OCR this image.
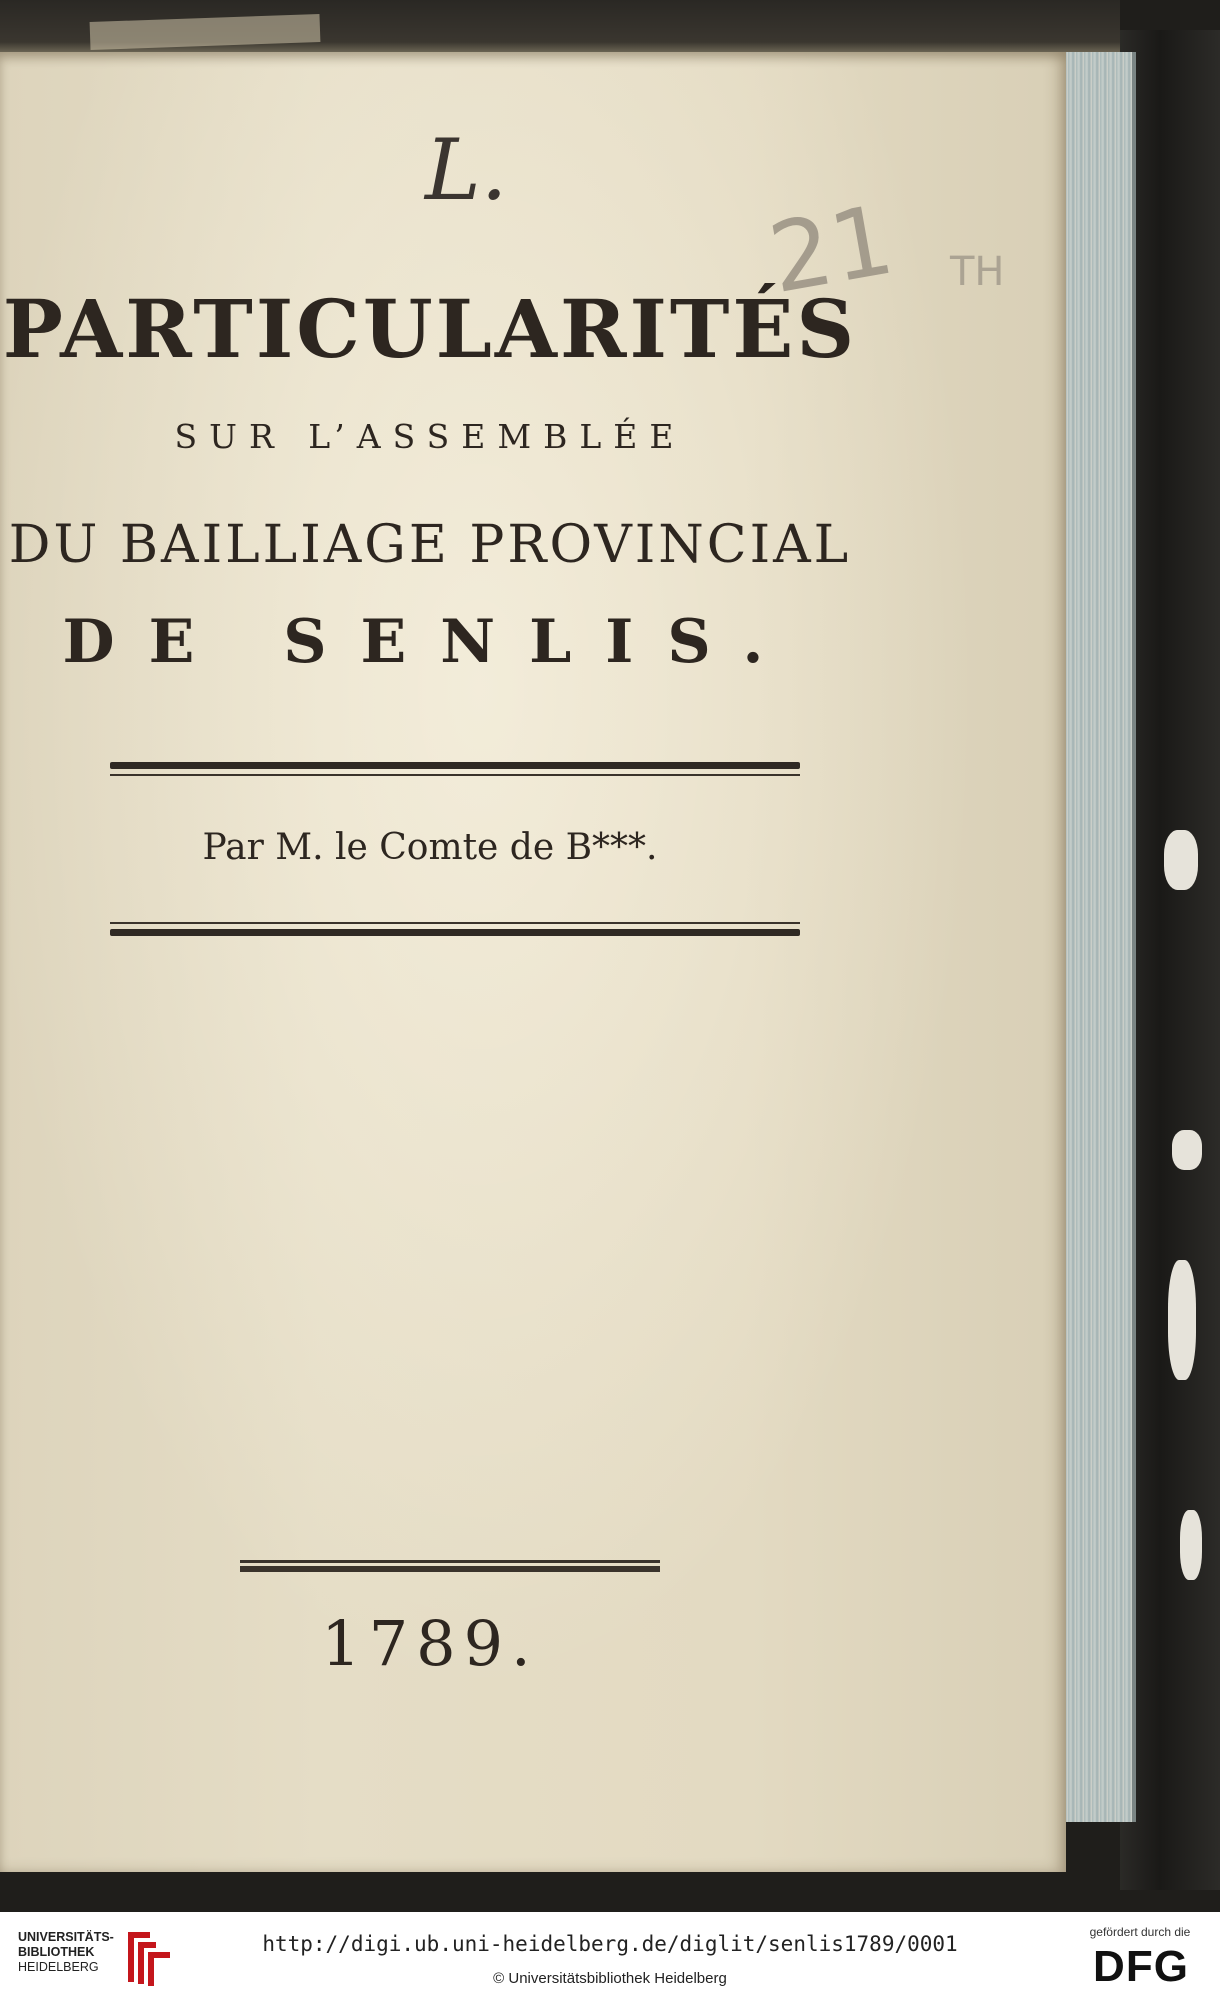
L.
21	TH
PARTICULARITÉS
SUR L’ASSEMBLÉE
DU BAILLIAGE PROVINCIAL
DE SENLIS.
Par M. le Comte de B***.
1789.
UNIVERSITÄTS-
BIBLIOTHEK
HEIDELBERG
http://digi.ub.uni-heidelberg.de/diglit/senlis1789/0001
© Universitätsbibliothek Heidelberg
gefördert durch die
DFG
